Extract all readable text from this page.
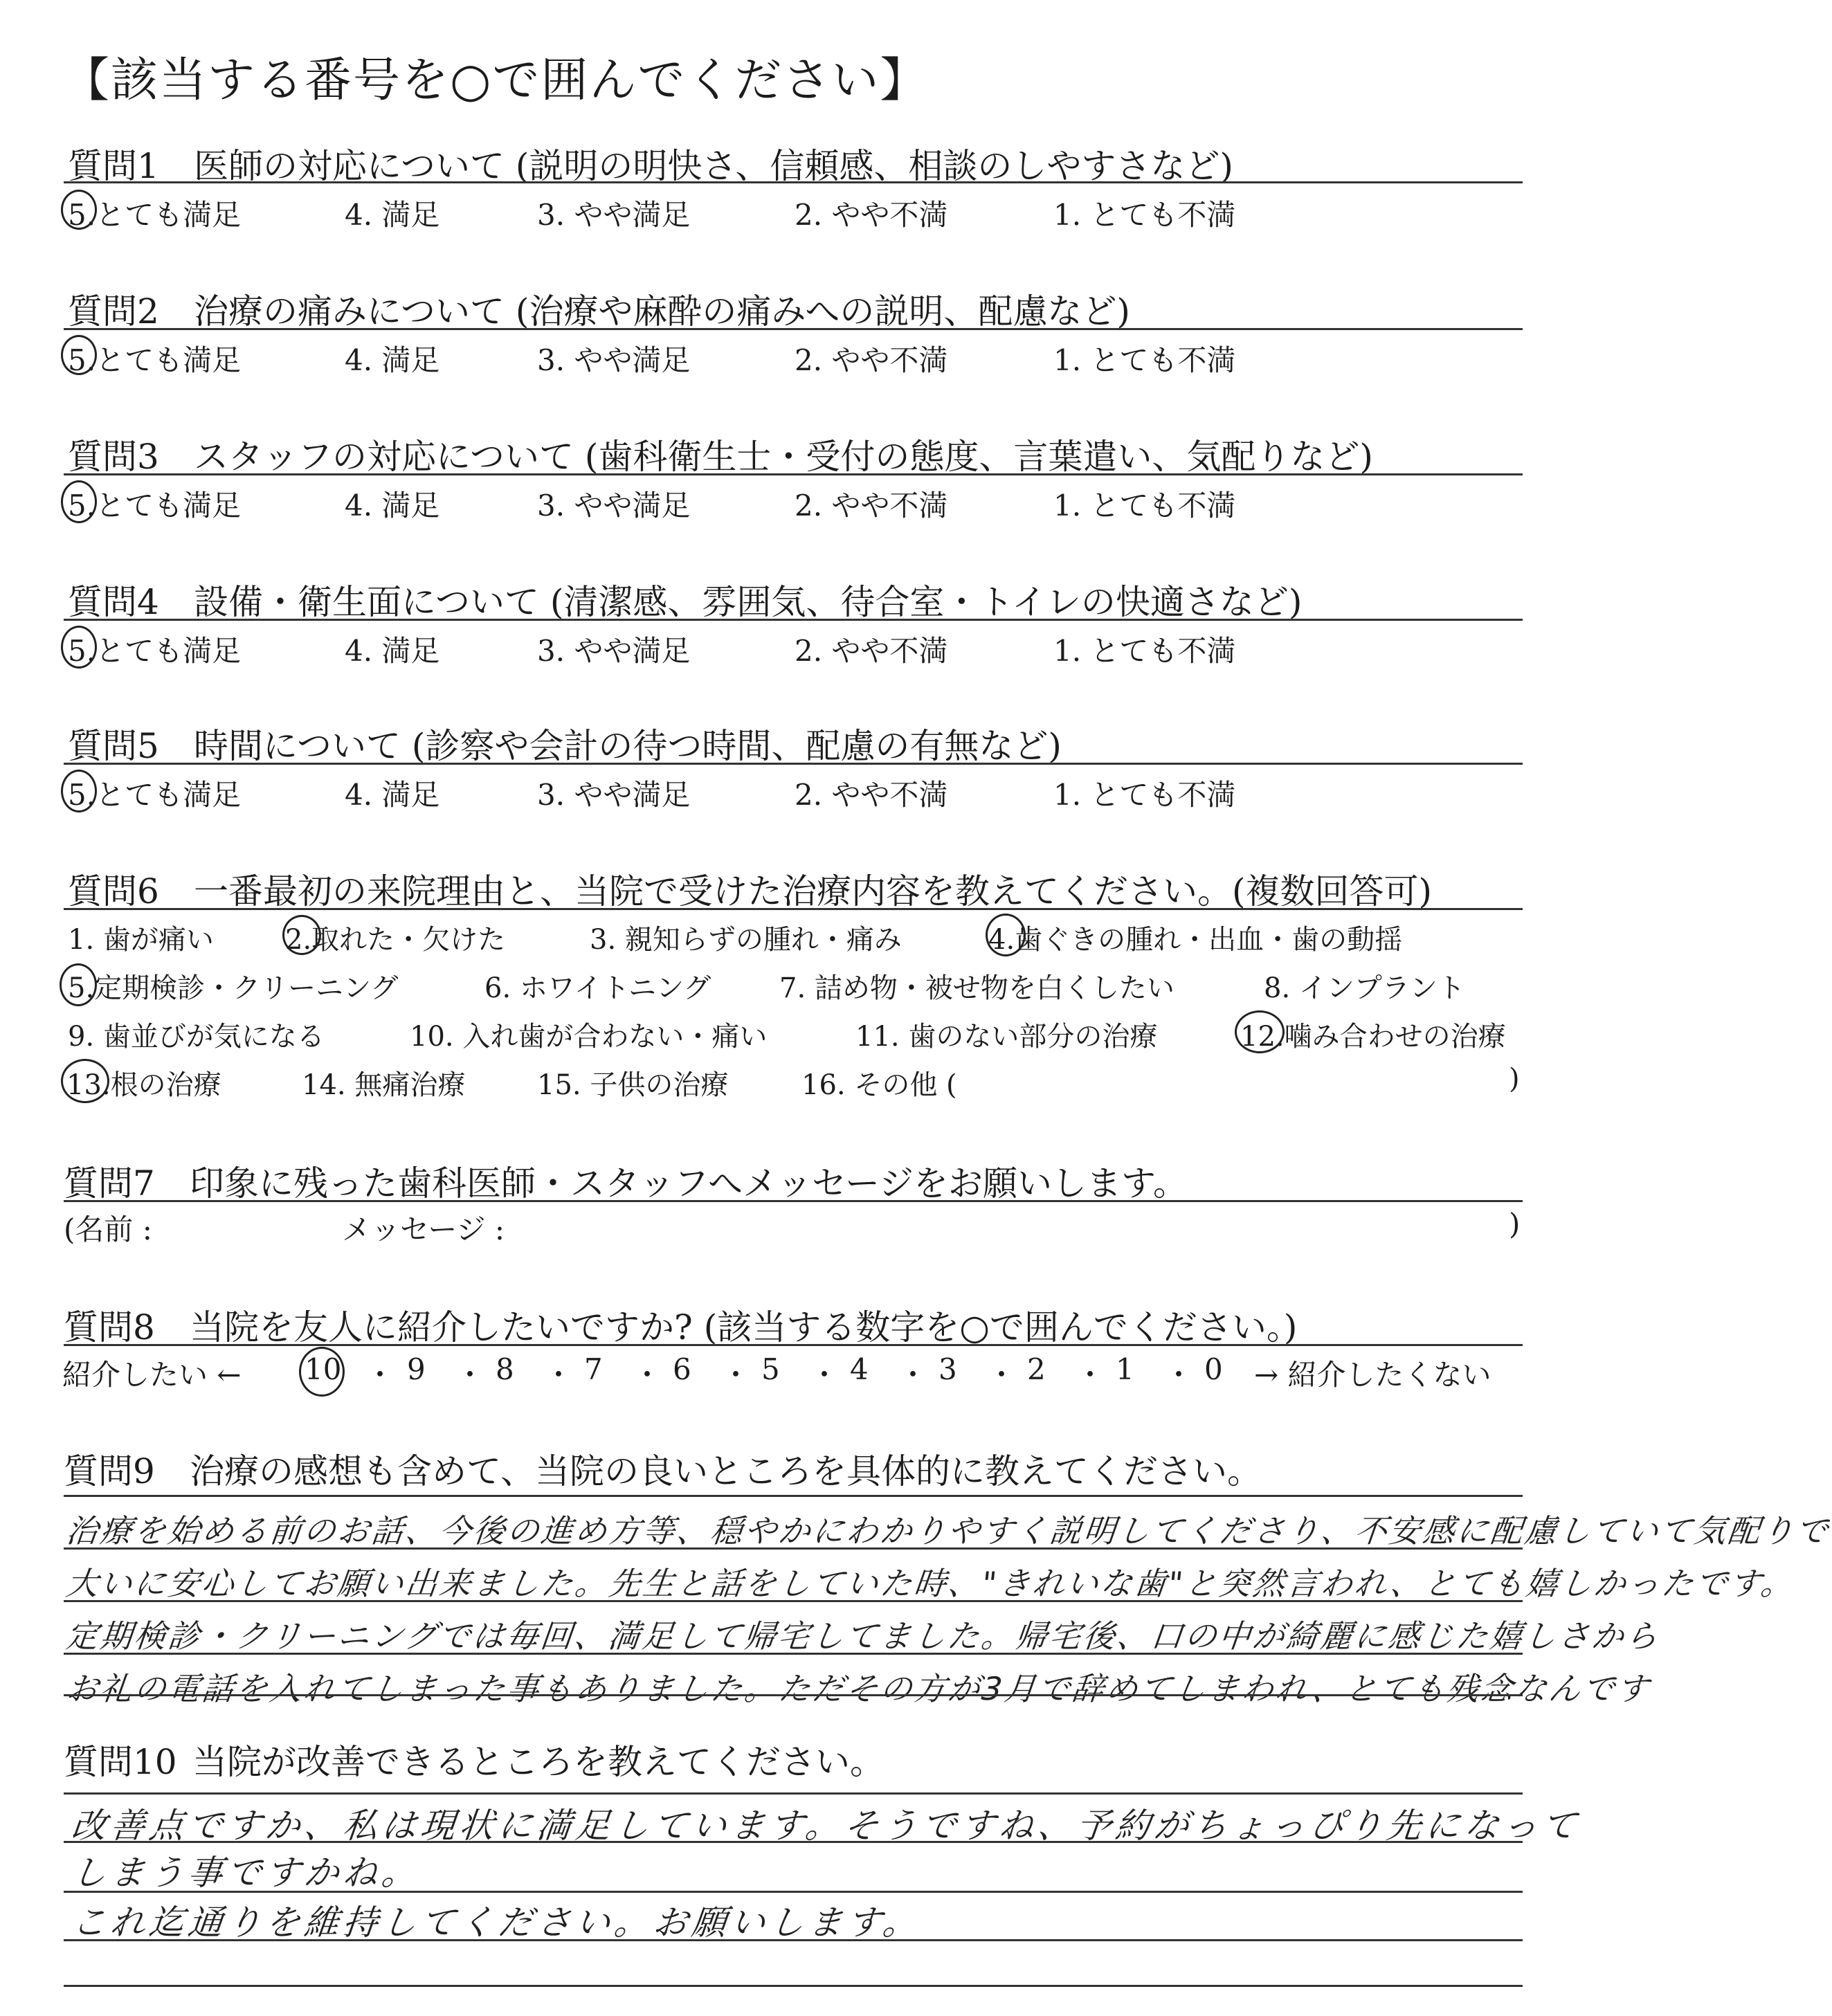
【該当する番号を○で囲んでください】
質問1 医師の対応について (説明の明快さ、信頼感、相談のしやすさなど)
5.とても満足	4. 満足	3. やや満足	2. やや不満	1. とても不満
質問2 治療の痛みについて (治療や麻酔の痛みへの説明、配慮など)
5.とても満足	4. 満足	3. やや満足	2. やや不満	1. とても不満
質問3 スタッフの対応について (歯科衛生士・受付の態度、言葉遣い、気配りなど)
5.とても満足	4. 満足	3. やや満足	2. やや不満	1. とても不満
質問4 設備・衛生面について (清潔感、雰囲気、待合室・トイレの快適さなど)
5.とても満足	4. 満足	3. やや満足	2. やや不満	1. とても不満
質問5 時間について (診察や会計の待つ時間、配慮の有無など)
5.とても満足	4. 満足	3. やや満足	2. やや不満	1. とても不満
質問6 一番最初の来院理由と、当院で受けた治療内容を教えてください。(複数回答可)
1. 歯が痛い	2.取れた・欠けた	3. 親知らずの腫れ・痛み	4.歯ぐきの腫れ・出血・歯の動揺
5.定期検診・クリーニング	6. ホワイトニング 7. 詰め物・被せ物を白くしたい	8. インプラント
9. 歯並びが気になる	10. 入れ歯が合わない・痛い	11. 歯のない部分の治療	12.噛み合わせの治療
13.根の治療	14. 無痛治療	15. 子供の治療	16. その他 (	)
質問7 印象に残った歯科医師・スタッフへメッセージをお願いします。
(名前 :	メッセージ :	)
質問8 当院を友人に紹介したいですか? (該当する数字を○で囲んでください。)
紹介したい ← 10 ・ 9 ・ 8 ・ 7 ・ 6 ・ 5 ・ 4 ・ 3 ・ 2 ・ 1 ・ 0 → 紹介したくない
質問9 治療の感想も含めて、当院の良いところを具体的に教えてください。
治療を始める前のお話、今後の進め方等、穏やかにわかりやすく説明してくださり、不安感に配慮していて気配りで
大いに安心してお願い出来ました。先生と話をしていた時、"きれいな歯"と突然言われ、とても嬉しかったです。
定期検診・クリーニングでは毎回、満足して帰宅してました。帰宅後、口の中が綺麗に感じた嬉しさから
お礼の電話を入れてしまった事もありました。ただその方が3月で辞めてしまわれ、とても残念なんです
質問10 当院が改善できるところを教えてください。
改善点ですか、私は現状に満足しています。そうですね、予約がちょっぴり先になって
しまう事ですかね。
これ迄通りを維持してください。お願いします。
